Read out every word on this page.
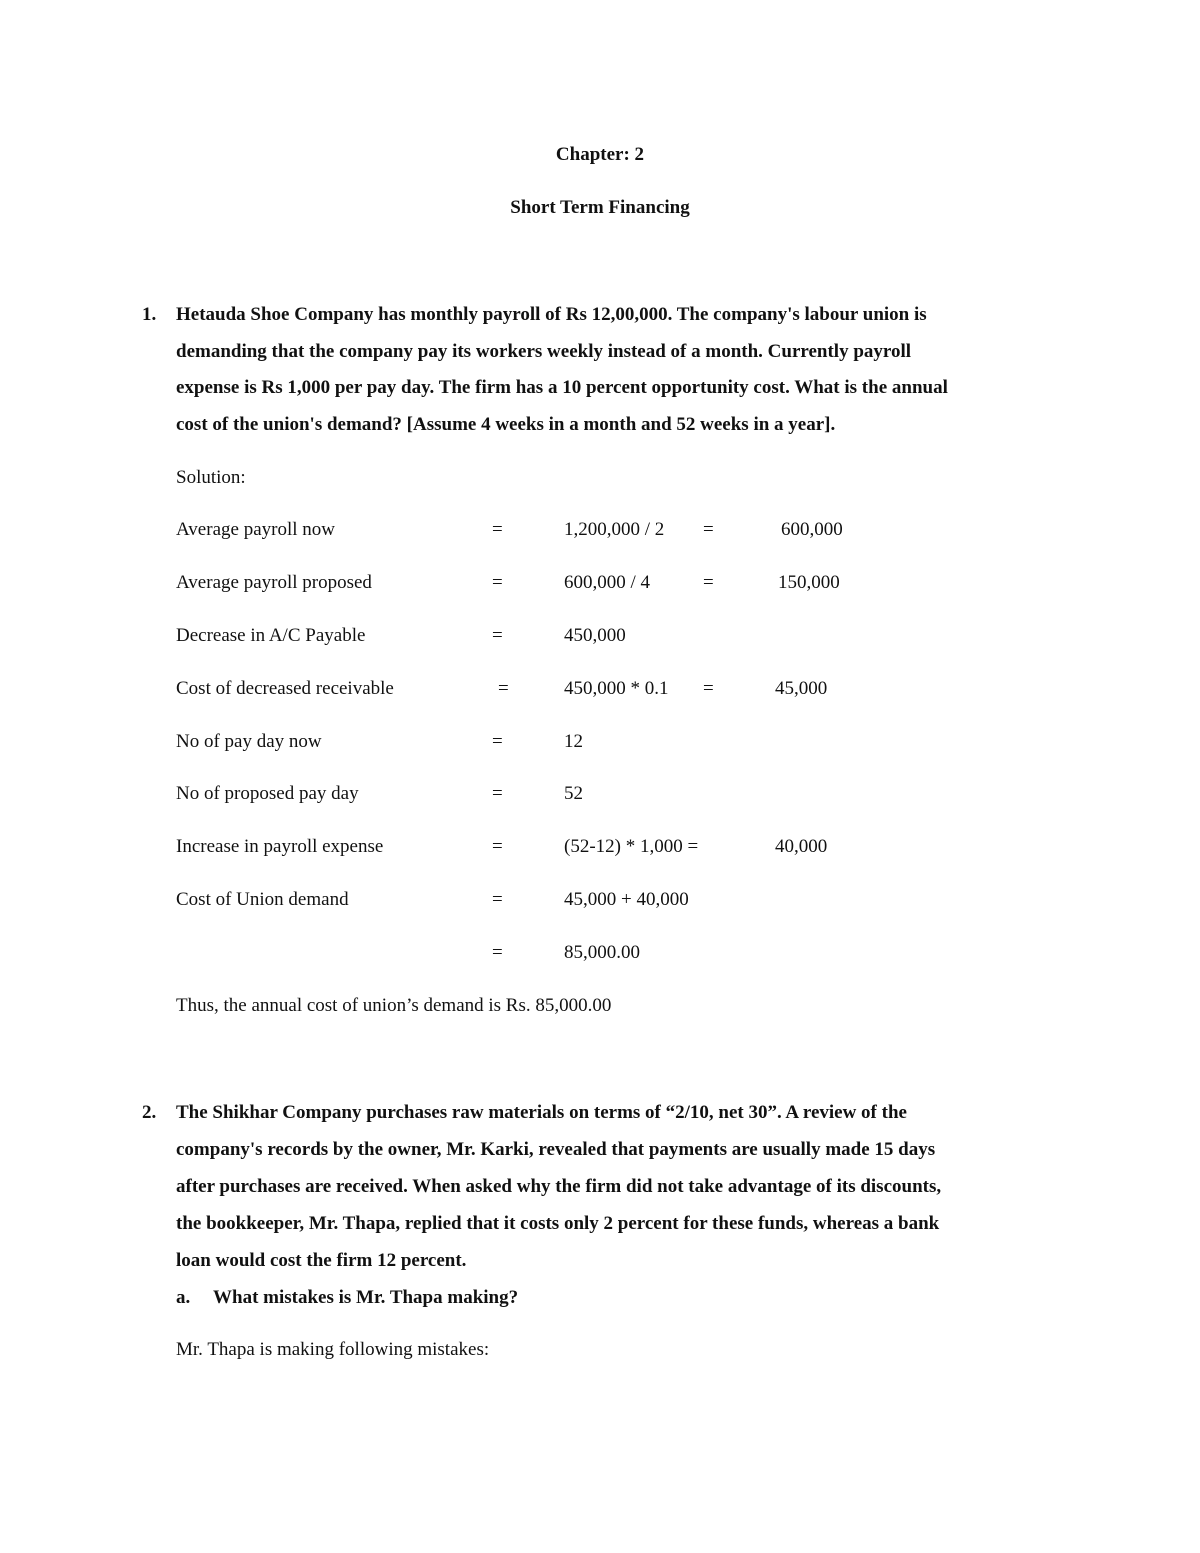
Chapter: 2
Short Term Financing
1. Hetauda Shoe Company has monthly payroll of Rs 12,00,000. The company's labour union is
demanding that the company pay its workers weekly instead of a month. Currently payroll
expense is Rs 1,000 per pay day. The firm has a 10 percent opportunity cost. What is the annual
cost of the union's demand? [Assume 4 weeks in a month and 52 weeks in a year].
Solution:
Average payroll now	=	1,200,000 / 2 =	600,000
Average payroll proposed	=	600,000 / 4	=	150,000
Decrease in A/C Payable	=	450,000
Cost of decreased receivable	=	450,000 * 0.1 =	45,000
No of pay day now	=	12
No of proposed pay day	=	52
Increase in payroll expense	=	(52-12) * 1,000 =	40,000
Cost of Union demand	=	45,000 + 40,000
=	85,000.00
Thus, the annual cost of union’s demand is Rs. 85,000.00
2. The Shikhar Company purchases raw materials on terms of “2/10, net 30”. A review of the
company's records by the owner, Mr. Karki, revealed that payments are usually made 15 days
after purchases are received. When asked why the firm did not take advantage of its discounts,
the bookkeeper, Mr. Thapa, replied that it costs only 2 percent for these funds, whereas a bank
loan would cost the firm 12 percent.
a. What mistakes is Mr. Thapa making?
Mr. Thapa is making following mistakes:
